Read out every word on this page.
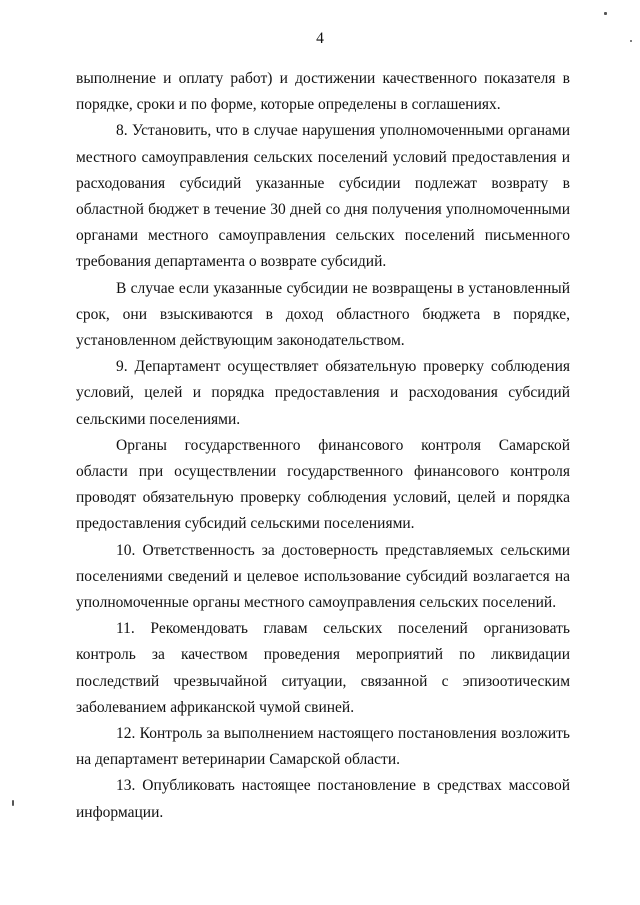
4

выполнение и оплату работ) и достижении качественного показателя в порядке, сроки и по форме, которые определены в соглашениях.

8. Установить, что в случае нарушения уполномоченными органами местного самоуправления сельских поселений условий предоставления и расходования субсидий указанные субсидии подлежат возврату в областной бюджет в течение 30 дней со дня получения уполномоченными органами местного самоуправления сельских поселений письменного требования департамента о возврате субсидий.

В случае если указанные субсидии не возвращены в установленный срок, они взыскиваются в доход областного бюджета в порядке, установленном действующим законодательством.

9. Департамент осуществляет обязательную проверку соблюдения условий, целей и порядка предоставления и расходования субсидий сельскими поселениями.

Органы государственного финансового контроля Самарской области при осуществлении государственного финансового контроля проводят обязательную проверку соблюдения условий, целей и порядка предоставления субсидий сельскими поселениями.

10. Ответственность за достоверность представляемых сельскими поселениями сведений и целевое использование субсидий возлагается на уполномоченные органы местного самоуправления сельских поселений.

11. Рекомендовать главам сельских поселений организовать контроль за качеством проведения мероприятий по ликвидации последствий чрезвычайной ситуации, связанной с эпизоотическим заболеванием африканской чумой свиней.

12. Контроль за выполнением настоящего постановления возложить на департамент ветеринарии Самарской области.

13. Опубликовать настоящее постановление в средствах массовой информации.
